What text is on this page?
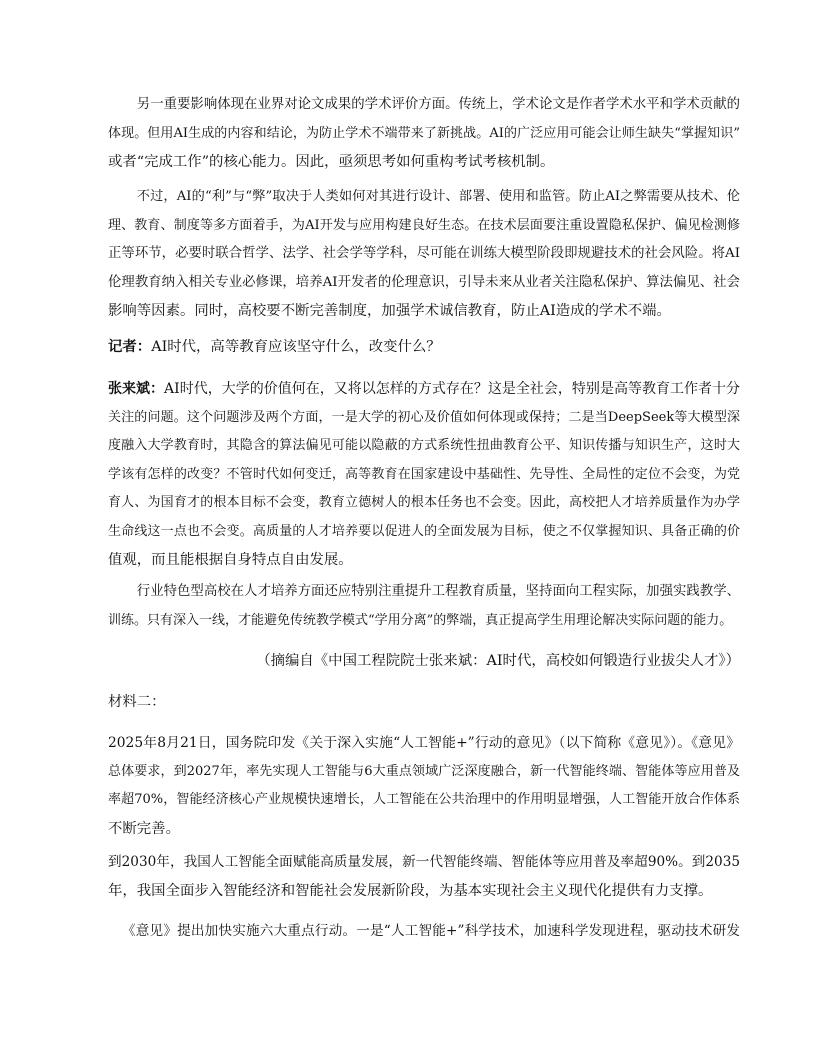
另一重要影响体现在业界对论文成果的学术评价方面。传统上，学术论文是作者学术水平和学术贡献的
体现。但用AI生成的内容和结论，为防止学术不端带来了新挑战。AI的广泛应用可能会让师生缺失“掌握知识”
或者“完成工作”的核心能力。因此，亟须思考如何重构考试考核机制。
不过，AI的“利”与“弊”取决于人类如何对其进行设计、部署、使用和监管。防止AI之弊需要从技术、伦
理、教育、制度等多方面着手，为AI开发与应用构建良好生态。在技术层面要注重设置隐私保护、偏见检测修
正等环节，必要时联合哲学、法学、社会学等学科，尽可能在训练大模型阶段即规避技术的社会风险。将AI
伦理教育纳入相关专业必修课，培养AI开发者的伦理意识，引导未来从业者关注隐私保护、算法偏见、社会
影响等因素。同时，高校要不断完善制度，加强学术诚信教育，防止AI造成的学术不端。
记者：AI时代，高等教育应该坚守什么，改变什么？
张来斌：AI时代，大学的价值何在，又将以怎样的方式存在？这是全社会，特别是高等教育工作者十分
关注的问题。这个问题涉及两个方面，一是大学的初心及价值如何体现或保持；二是当DeepSeek等大模型深
度融入大学教育时，其隐含的算法偏见可能以隐蔽的方式系统性扭曲教育公平、知识传播与知识生产，这时大
学该有怎样的改变？不管时代如何变迁，高等教育在国家建设中基础性、先导性、全局性的定位不会变，为党
育人、为国育才的根本目标不会变，教育立德树人的根本任务也不会变。因此，高校把人才培养质量作为办学
生命线这一点也不会变。高质量的人才培养要以促进人的全面发展为目标，使之不仅掌握知识、具备正确的价
值观，而且能根据自身特点自由发展。
行业特色型高校在人才培养方面还应特别注重提升工程教育质量，坚持面向工程实际，加强实践教学、
训练。只有深入一线，才能避免传统教学模式“学用分离”的弊端，真正提高学生用理论解决实际问题的能力。
（摘编自《中国工程院院士张来斌：AI时代，高校如何锻造行业拔尖人才》）
材料二：
2025年8月21日，国务院印发《关于深入实施“人工智能+”行动的意见》（以下简称《意见》）。《意见》
总体要求，到2027年，率先实现人工智能与6大重点领域广泛深度融合，新一代智能终端、智能体等应用普及
率超70%，智能经济核心产业规模快速增长，人工智能在公共治理中的作用明显增强，人工智能开放合作体系
不断完善。
到2030年，我国人工智能全面赋能高质量发展，新一代智能终端、智能体等应用普及率超90%。到2035
年，我国全面步入智能经济和智能社会发展新阶段，为基本实现社会主义现代化提供有力支撑。
《意见》提出加快实施六大重点行动。一是“人工智能+”科学技术，加速科学发现进程，驱动技术研发
